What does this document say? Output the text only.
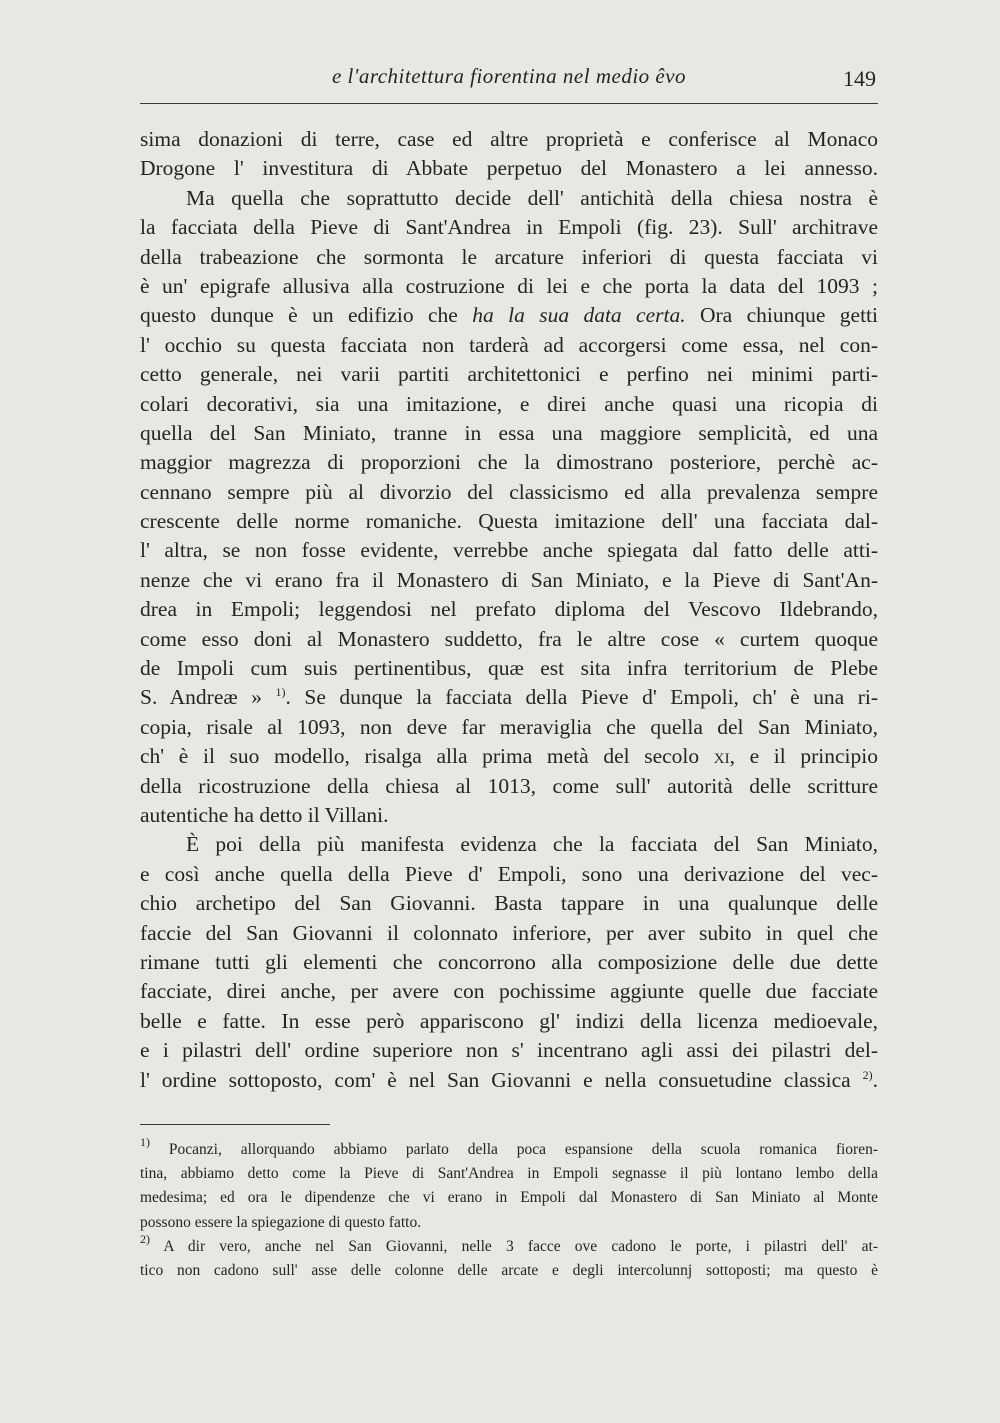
e l'architettura fiorentina nel medio êvo	149
sima donazioni di terre, case ed altre proprietà e conferisce al Monaco
Drogone l' investitura di Abbate perpetuo del Monastero a lei annesso.
Ma quella che soprattutto decide dell' antichità della chiesa nostra è
la facciata della Pieve di Sant'Andrea in Empoli (fig. 23). Sull' architrave
della trabeazione che sormonta le arcature inferiori di questa facciata vi
è un' epigrafe allusiva alla costruzione di lei e che porta la data del 1093 ;
questo dunque è un edifizio che ha la sua data certa. Ora chiunque getti
l' occhio su questa facciata non tarderà ad accorgersi come essa, nel con-
cetto generale, nei varii partiti architettonici e perfino nei minimi parti-
colari decorativi, sia una imitazione, e direi anche quasi una ricopia di
quella del San Miniato, tranne in essa una maggiore semplicità, ed una
maggior magrezza di proporzioni che la dimostrano posteriore, perchè ac-
cennano sempre più al divorzio del classicismo ed alla prevalenza sempre
crescente delle norme romaniche. Questa imitazione dell' una facciata dal-
l' altra, se non fosse evidente, verrebbe anche spiegata dal fatto delle atti-
nenze che vi erano fra il Monastero di San Miniato, e la Pieve di Sant'An-
drea in Empoli; leggendosi nel prefato diploma del Vescovo Ildebrando,
come esso doni al Monastero suddetto, fra le altre cose « curtem quoque
de Impoli cum suis pertinentibus, quæ est sita infra territorium de Plebe
S. Andreæ » $^{1)}$. Se dunque la facciata della Pieve d' Empoli, ch' è una ri-
copia, risale al 1093, non deve far meraviglia che quella del San Miniato,
ch' è il suo modello, risalga alla prima metà del secolo xi, e il principio
della ricostruzione della chiesa al 1013, come sull' autorità delle scritture
autentiche ha detto il Villani.
È poi della più manifesta evidenza che la facciata del San Miniato,
e così anche quella della Pieve d' Empoli, sono una derivazione del vec-
chio archetipo del San Giovanni. Basta tappare in una qualunque delle
faccie del San Giovanni il colonnato inferiore, per aver subito in quel che
rimane tutti gli elementi che concorrono alla composizione delle due dette
facciate, direi anche, per avere con pochissime aggiunte quelle due facciate
belle e fatte. In esse però appariscono gl' indizi della licenza medioevale,
e i pilastri dell' ordine superiore non s' incentrano agli assi dei pilastri del-
l' ordine sottoposto, com' è nel San Giovanni e nella consuetudine classica $^{2)}$.
$^{1)}$ Pocanzi, allorquando abbiamo parlato della poca espansione della scuola romanica fioren-
tina, abbiamo detto come la Pieve di Sant'Andrea in Empoli segnasse il più lontano lembo della
medesima; ed ora le dipendenze che vi erano in Empoli dal Monastero di San Miniato al Monte
possono essere la spiegazione di questo fatto.
$^{2)}$ A dir vero, anche nel San Giovanni, nelle 3 facce ove cadono le porte, i pilastri dell' at-
tico non cadono sull' asse delle colonne delle arcate e degli intercolunnj sottoposti; ma questo è
